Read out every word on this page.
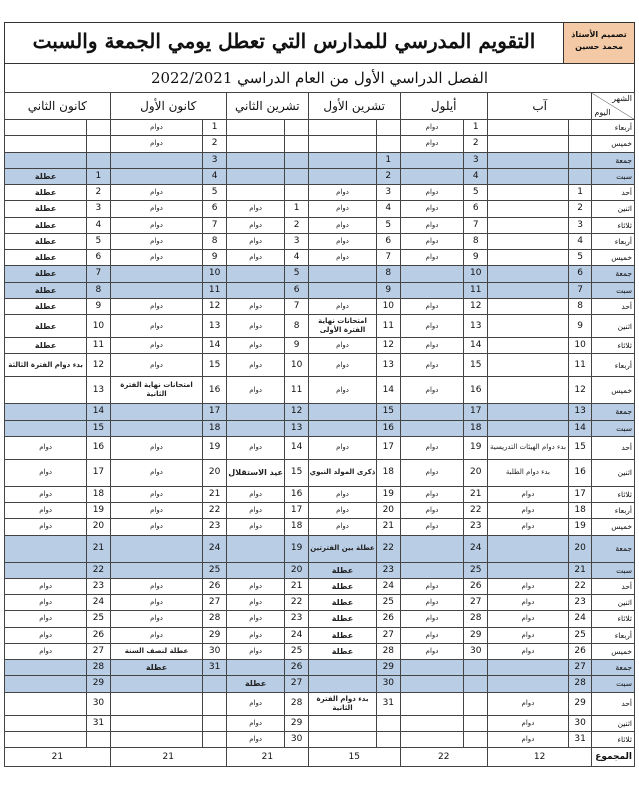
تصميم الأستاذ
محمد حسين
التقويم المدرسي للمدارس التي تعطل يومي الجمعة والسبت
الفصل الدراسي الأول من العام الدراسي 2022/2021
الشهر
اليوم	آب		أيلول		تشرين الأول		تشرين الثاني		كانون الأول		كانون الثاني	
أربعاء			1	دوام					1	دوام		
خميس			2	دوام					2	دوام		
جمعة			3		1				3			
سبت			4		2				4		1	عطلة
أحد	1		5	دوام	3	دوام			5	دوام	2	عطلة
اثنين	2		6	دوام	4	دوام	1	دوام	6	دوام	3	عطلة
ثلاثاء	3		7	دوام	5	دوام	2	دوام	7	دوام	4	عطلة
أربعاء	4		8	دوام	6	دوام	3	دوام	8	دوام	5	عطلة
خميس	5		9	دوام	7	دوام	4	دوام	9	دوام	6	عطلة
جمعة	6		10		8		5		10		7	عطلة
سبت	7		11		9		6		11		8	عطلة
أحد	8		12	دوام	10	دوام	7	دوام	12	دوام	9	عطلة
اثنين	9		13	دوام	11	امتحانات نهاية الفترة الأولى	8	دوام	13	دوام	10	عطلة
ثلاثاء	10		14	دوام	12	دوام	9	دوام	14	دوام	11	عطلة
أربعاء	11		15	دوام	13	دوام	10	دوام	15	دوام	12	بدء دوام الفترة الثالثة
خميس	12		16	دوام	14	دوام	11	دوام	16	امتحانات نهاية الفترة الثانية	13	
جمعة	13		17		15		12		17		14	
سبت	14		18		16		13		18		15	
أحد	15	بدء دوام الهيئات التدريسية	19	دوام	17	دوام	14	دوام	19	دوام	16	دوام
اثنين	16	بدء دوام الطلبة	20	دوام	18	ذكرى المولد النبوي	15	عيد الاستقلال	20	دوام	17	دوام
ثلاثاء	17	دوام	21	دوام	19	دوام	16	دوام	21	دوام	18	دوام
أربعاء	18	دوام	22	دوام	20	دوام	17	دوام	22	دوام	19	دوام
خميس	19	دوام	23	دوام	21	دوام	18	دوام	23	دوام	20	دوام
جمعة	20		24		22	عطلة بين الفترتين	19		24		21	
سبت	21		25		23	عطلة	20		25		22	
أحد	22	دوام	26	دوام	24	عطلة	21	دوام	26	دوام	23	دوام
اثنين	23	دوام	27	دوام	25	عطلة	22	دوام	27	دوام	24	دوام
ثلاثاء	24	دوام	28	دوام	26	عطلة	23	دوام	28	دوام	25	دوام
أربعاء	25	دوام	29	دوام	27	عطلة	24	دوام	29	دوام	26	دوام
خميس	26	دوام	30	دوام	28	عطلة	25	دوام	30	عطلة لنصف السنة	27	دوام
جمعة	27				29		26		31	عطلة	28	
سبت	28				30		27	عطلة			29	
أحد	29	دوام			31	بدء دوام الفترة الثانية	28	دوام			30	
اثنين	30	دوام					29	دوام			31	
ثلاثاء	31	دوام					30	دوام				
المجموع	12		22		15		21		21		21	
